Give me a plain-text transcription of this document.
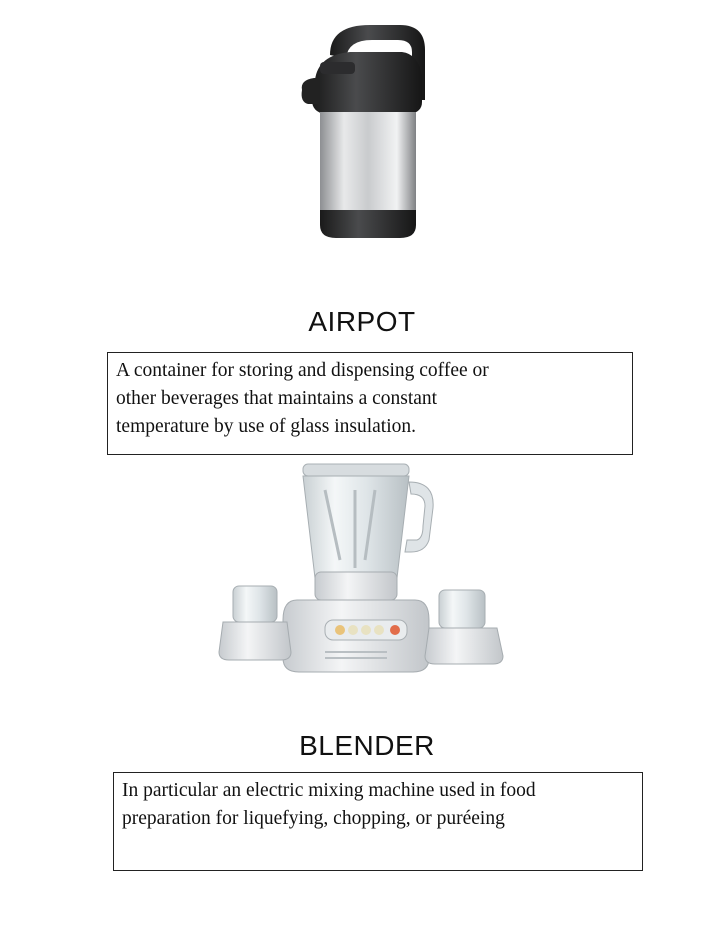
AIRPOT
A container for storing and dispensing coffee or
other beverages that maintains a constant
temperature by use of glass insulation.
BLENDER
In particular an electric mixing machine used in food
preparation for liquefying, chopping, or puréeing
